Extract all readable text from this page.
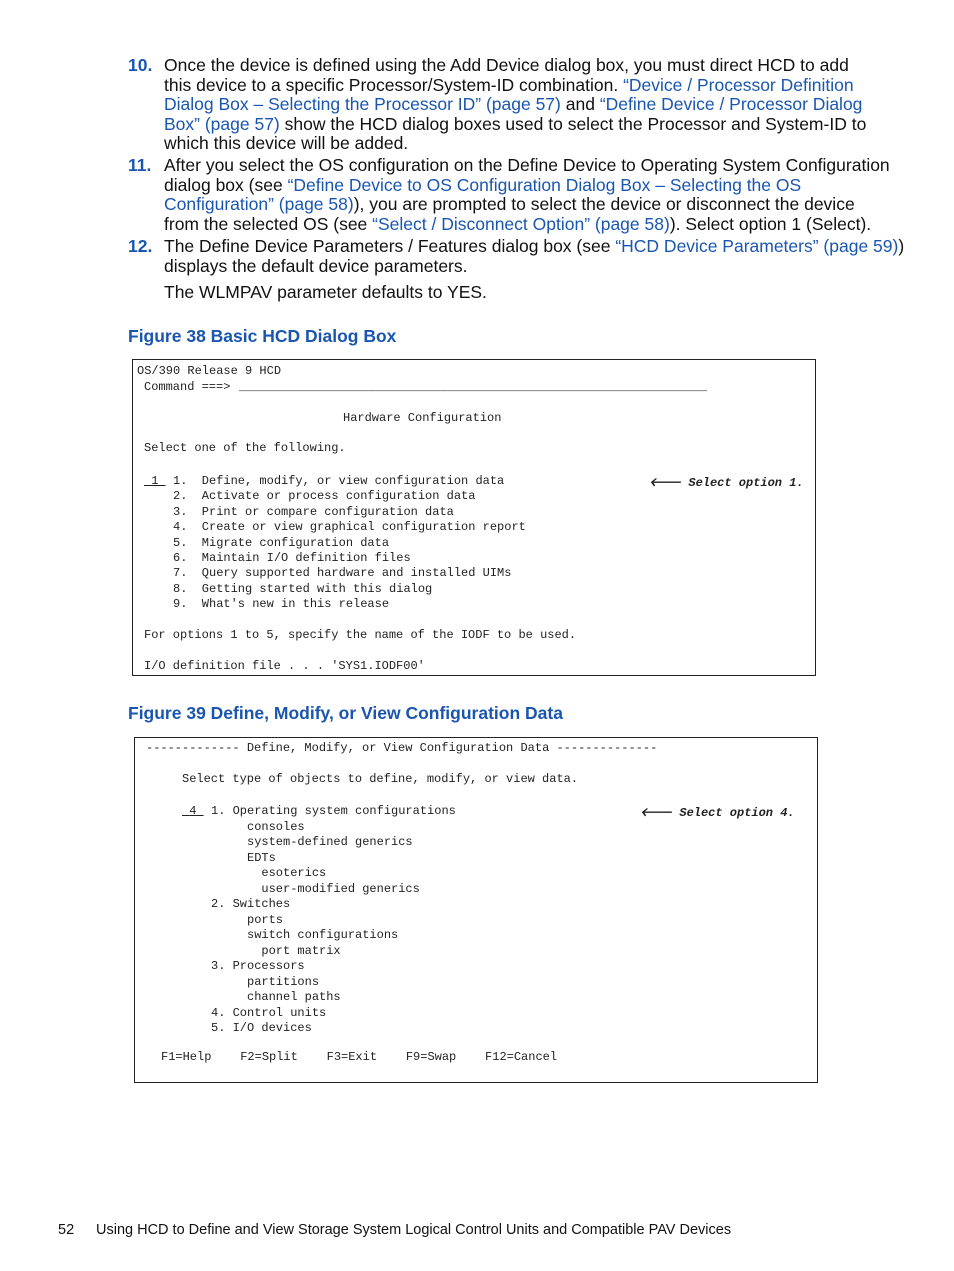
10. Once the device is defined using the Add Device dialog box, you must direct HCD to add
this device to a specific Processor/System-ID combination. “Device / Processor Definition
Dialog Box – Selecting the Processor ID” (page 57) and “Define Device / Processor Dialog
Box” (page 57) show the HCD dialog boxes used to select the Processor and System-ID to
which this device will be added.
11. After you select the OS configuration on the Define Device to Operating System Configuration
dialog box (see “Define Device to OS Configuration Dialog Box – Selecting the OS
Configuration” (page 58)), you are prompted to select the device or disconnect the device
from the selected OS (see “Select / Disconnect Option” (page 58)). Select option 1 (Select).
12. The Define Device Parameters / Features dialog box (see “HCD Device Parameters” (page 59))
displays the default device parameters.
The WLMPAV parameter defaults to YES.
Figure 38 Basic HCD Dialog Box
OS/390 Release 9 HCD
Command ===> _________________________________________________________________
Hardware Configuration
Select one of the following.
1	1.  Define, modify, or view configuration data
2.  Activate or process configuration data
3.  Print or compare configuration data
4.  Create or view graphical configuration report
5.  Migrate configuration data
6.  Maintain I/O definition files
7.  Query supported hardware and installed UIMs
8.  Getting started with this dialog
9.  What's new in this release
🡐 Select option 1.
For options 1 to 5, specify the name of the IODF to be used.
I/O definition file . . . 'SYS1.IODF00'
Figure 39 Define, Modify, or View Configuration Data
------------- Define, Modify, or View Configuration Data --------------
Select type of objects to define, modify, or view data.
4	1. Operating system configurations
consoles
system-defined generics
EDTs
esoterics
user-modified generics
2. Switches
ports
switch configurations
port matrix
3. Processors
partitions
channel paths
4. Control units
5. I/O devices
🡐 Select option 4.
F1=Help    F2=Split    F3=Exit    F9=Swap    F12=Cancel
52 Using HCD to Define and View Storage System Logical Control Units and Compatible PAV Devices
